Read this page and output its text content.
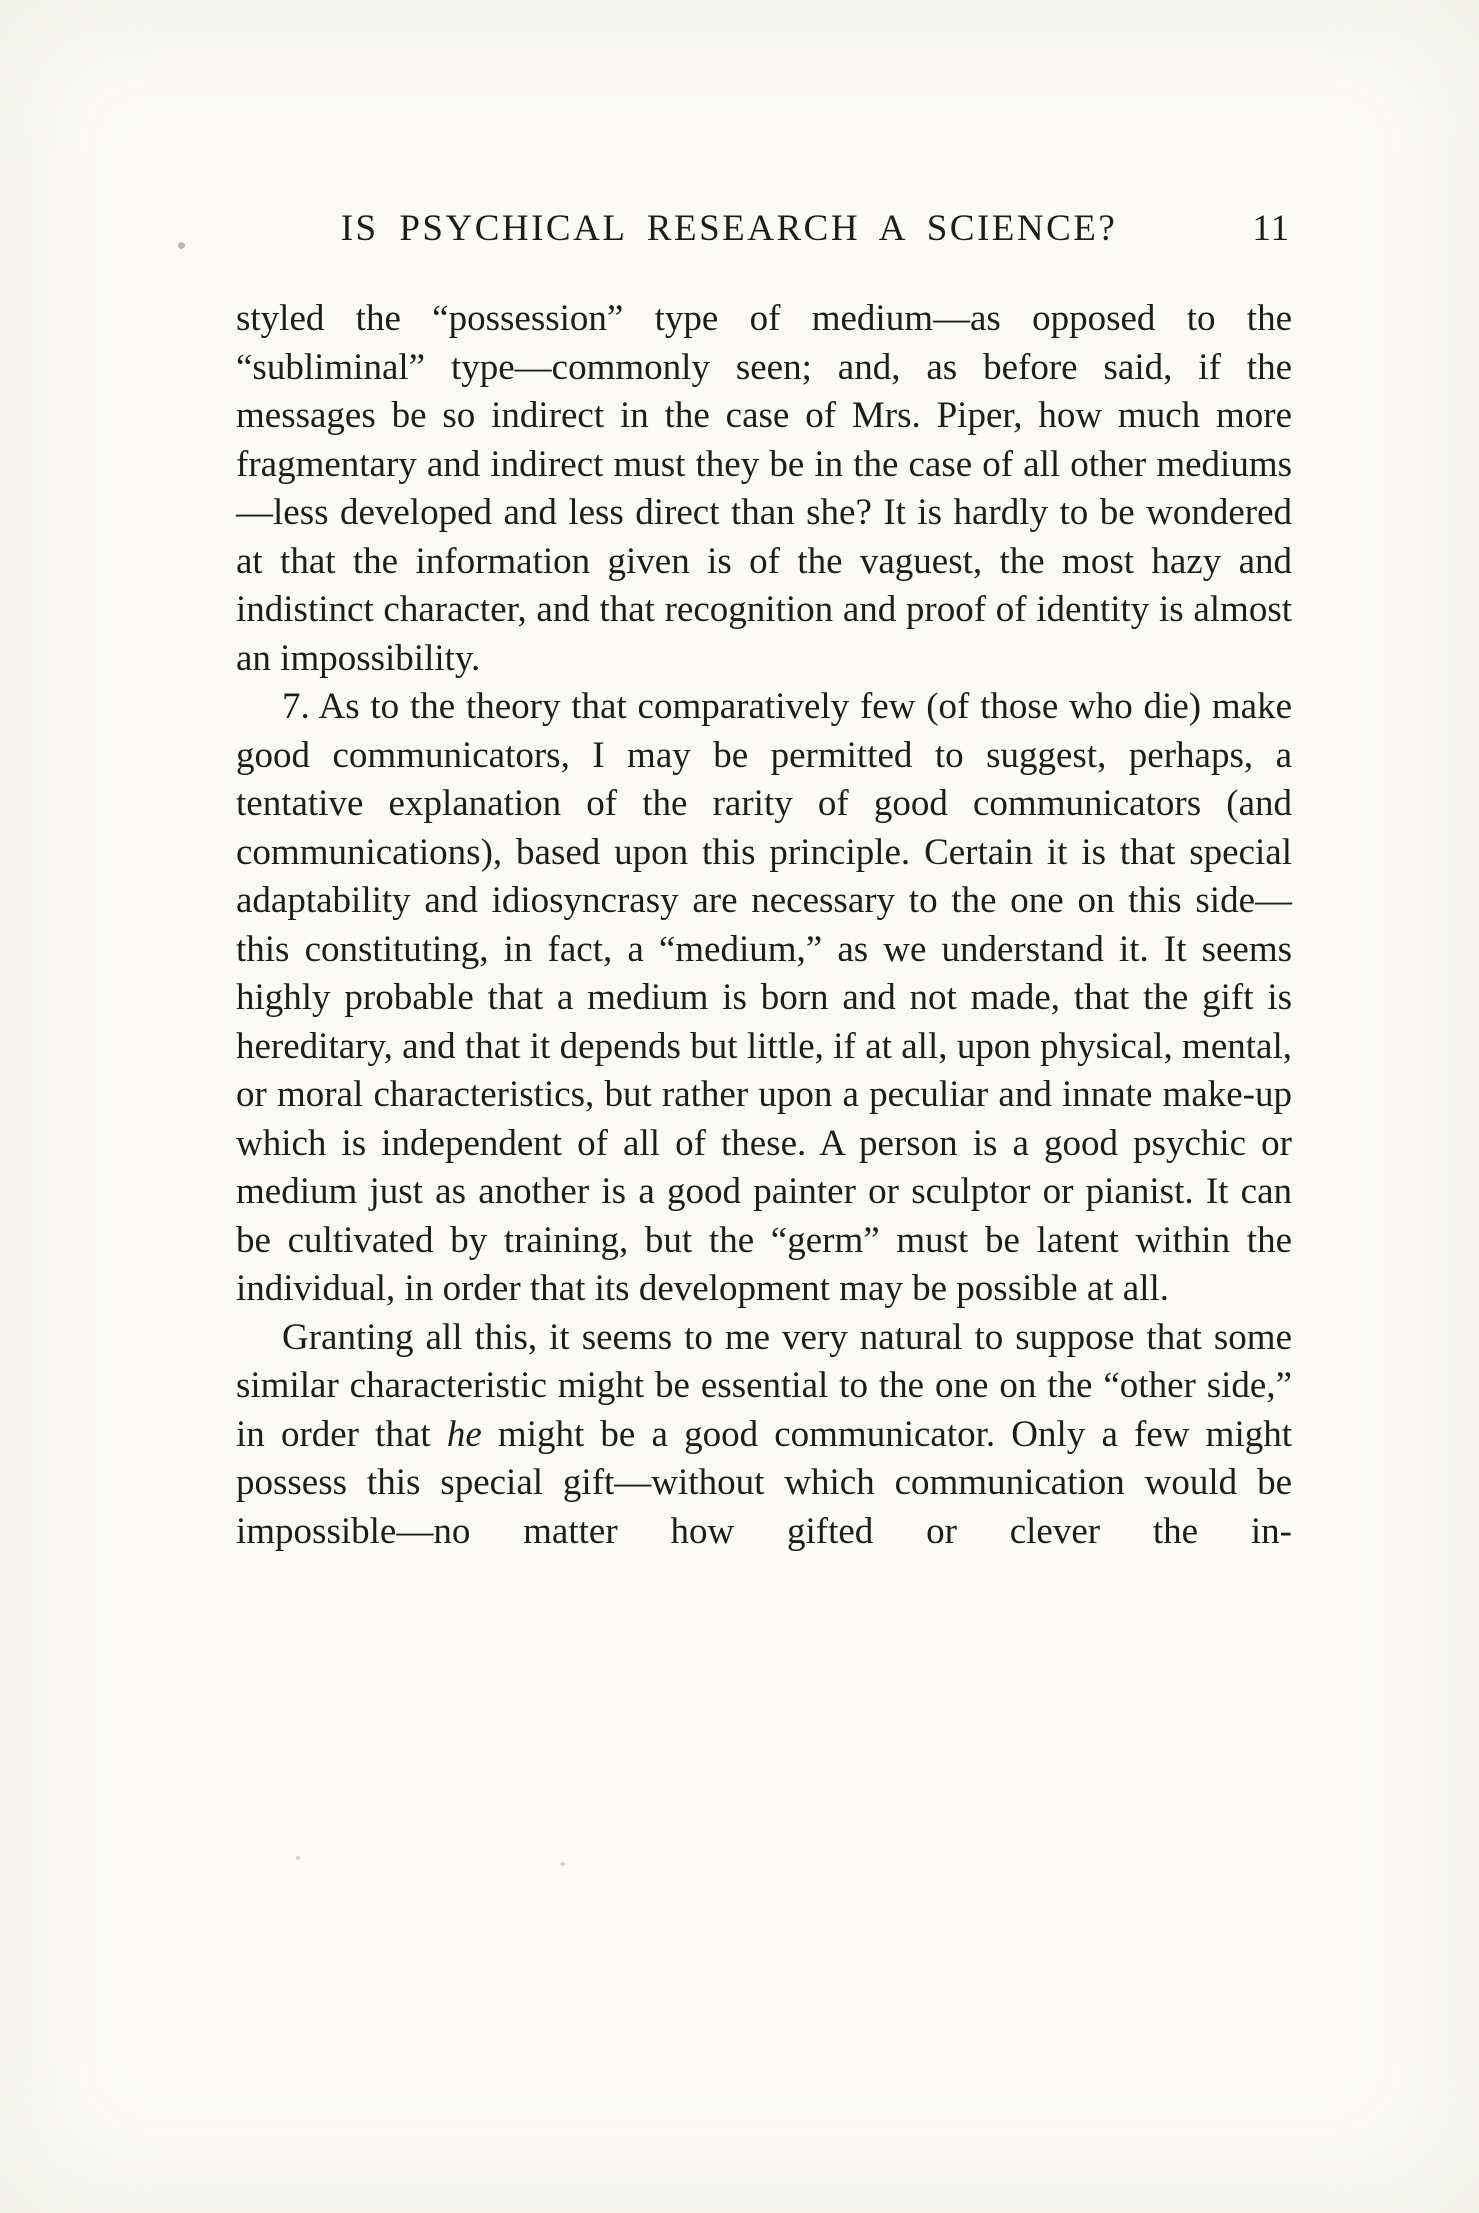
IS PSYCHICAL RESEARCH A SCIENCE?	11

styled the “possession” type of medium—as opposed to the “subliminal” type—commonly seen; and, as before said, if the messages be so indirect in the case of Mrs. Piper, how much more fragmentary and indirect must they be in the case of all other mediums—less developed and less direct than she? It is hardly to be wondered at that the information given is of the vaguest, the most hazy and indistinct character, and that recognition and proof of identity is almost an impossibility.

7. As to the theory that comparatively few (of those who die) make good communicators, I may be permitted to suggest, perhaps, a tentative explanation of the rarity of good communicators (and communications), based upon this principle. Certain it is that special adaptability and idiosyncrasy are necessary to the one on this side—this constituting, in fact, a “medium,” as we understand it. It seems highly probable that a medium is born and not made, that the gift is hereditary, and that it depends but little, if at all, upon physical, mental, or moral characteristics, but rather upon a peculiar and innate make-up which is independent of all of these. A person is a good psychic or medium just as another is a good painter or sculptor or pianist. It can be cultivated by training, but the “germ” must be latent within the individual, in order that its development may be possible at all.

Granting all this, it seems to me very natural to suppose that some similar characteristic might be essential to the one on the “other side,” in order that he might be a good communicator. Only a few might possess this special gift—without which communication would be impossible—no matter how gifted or clever the in-
